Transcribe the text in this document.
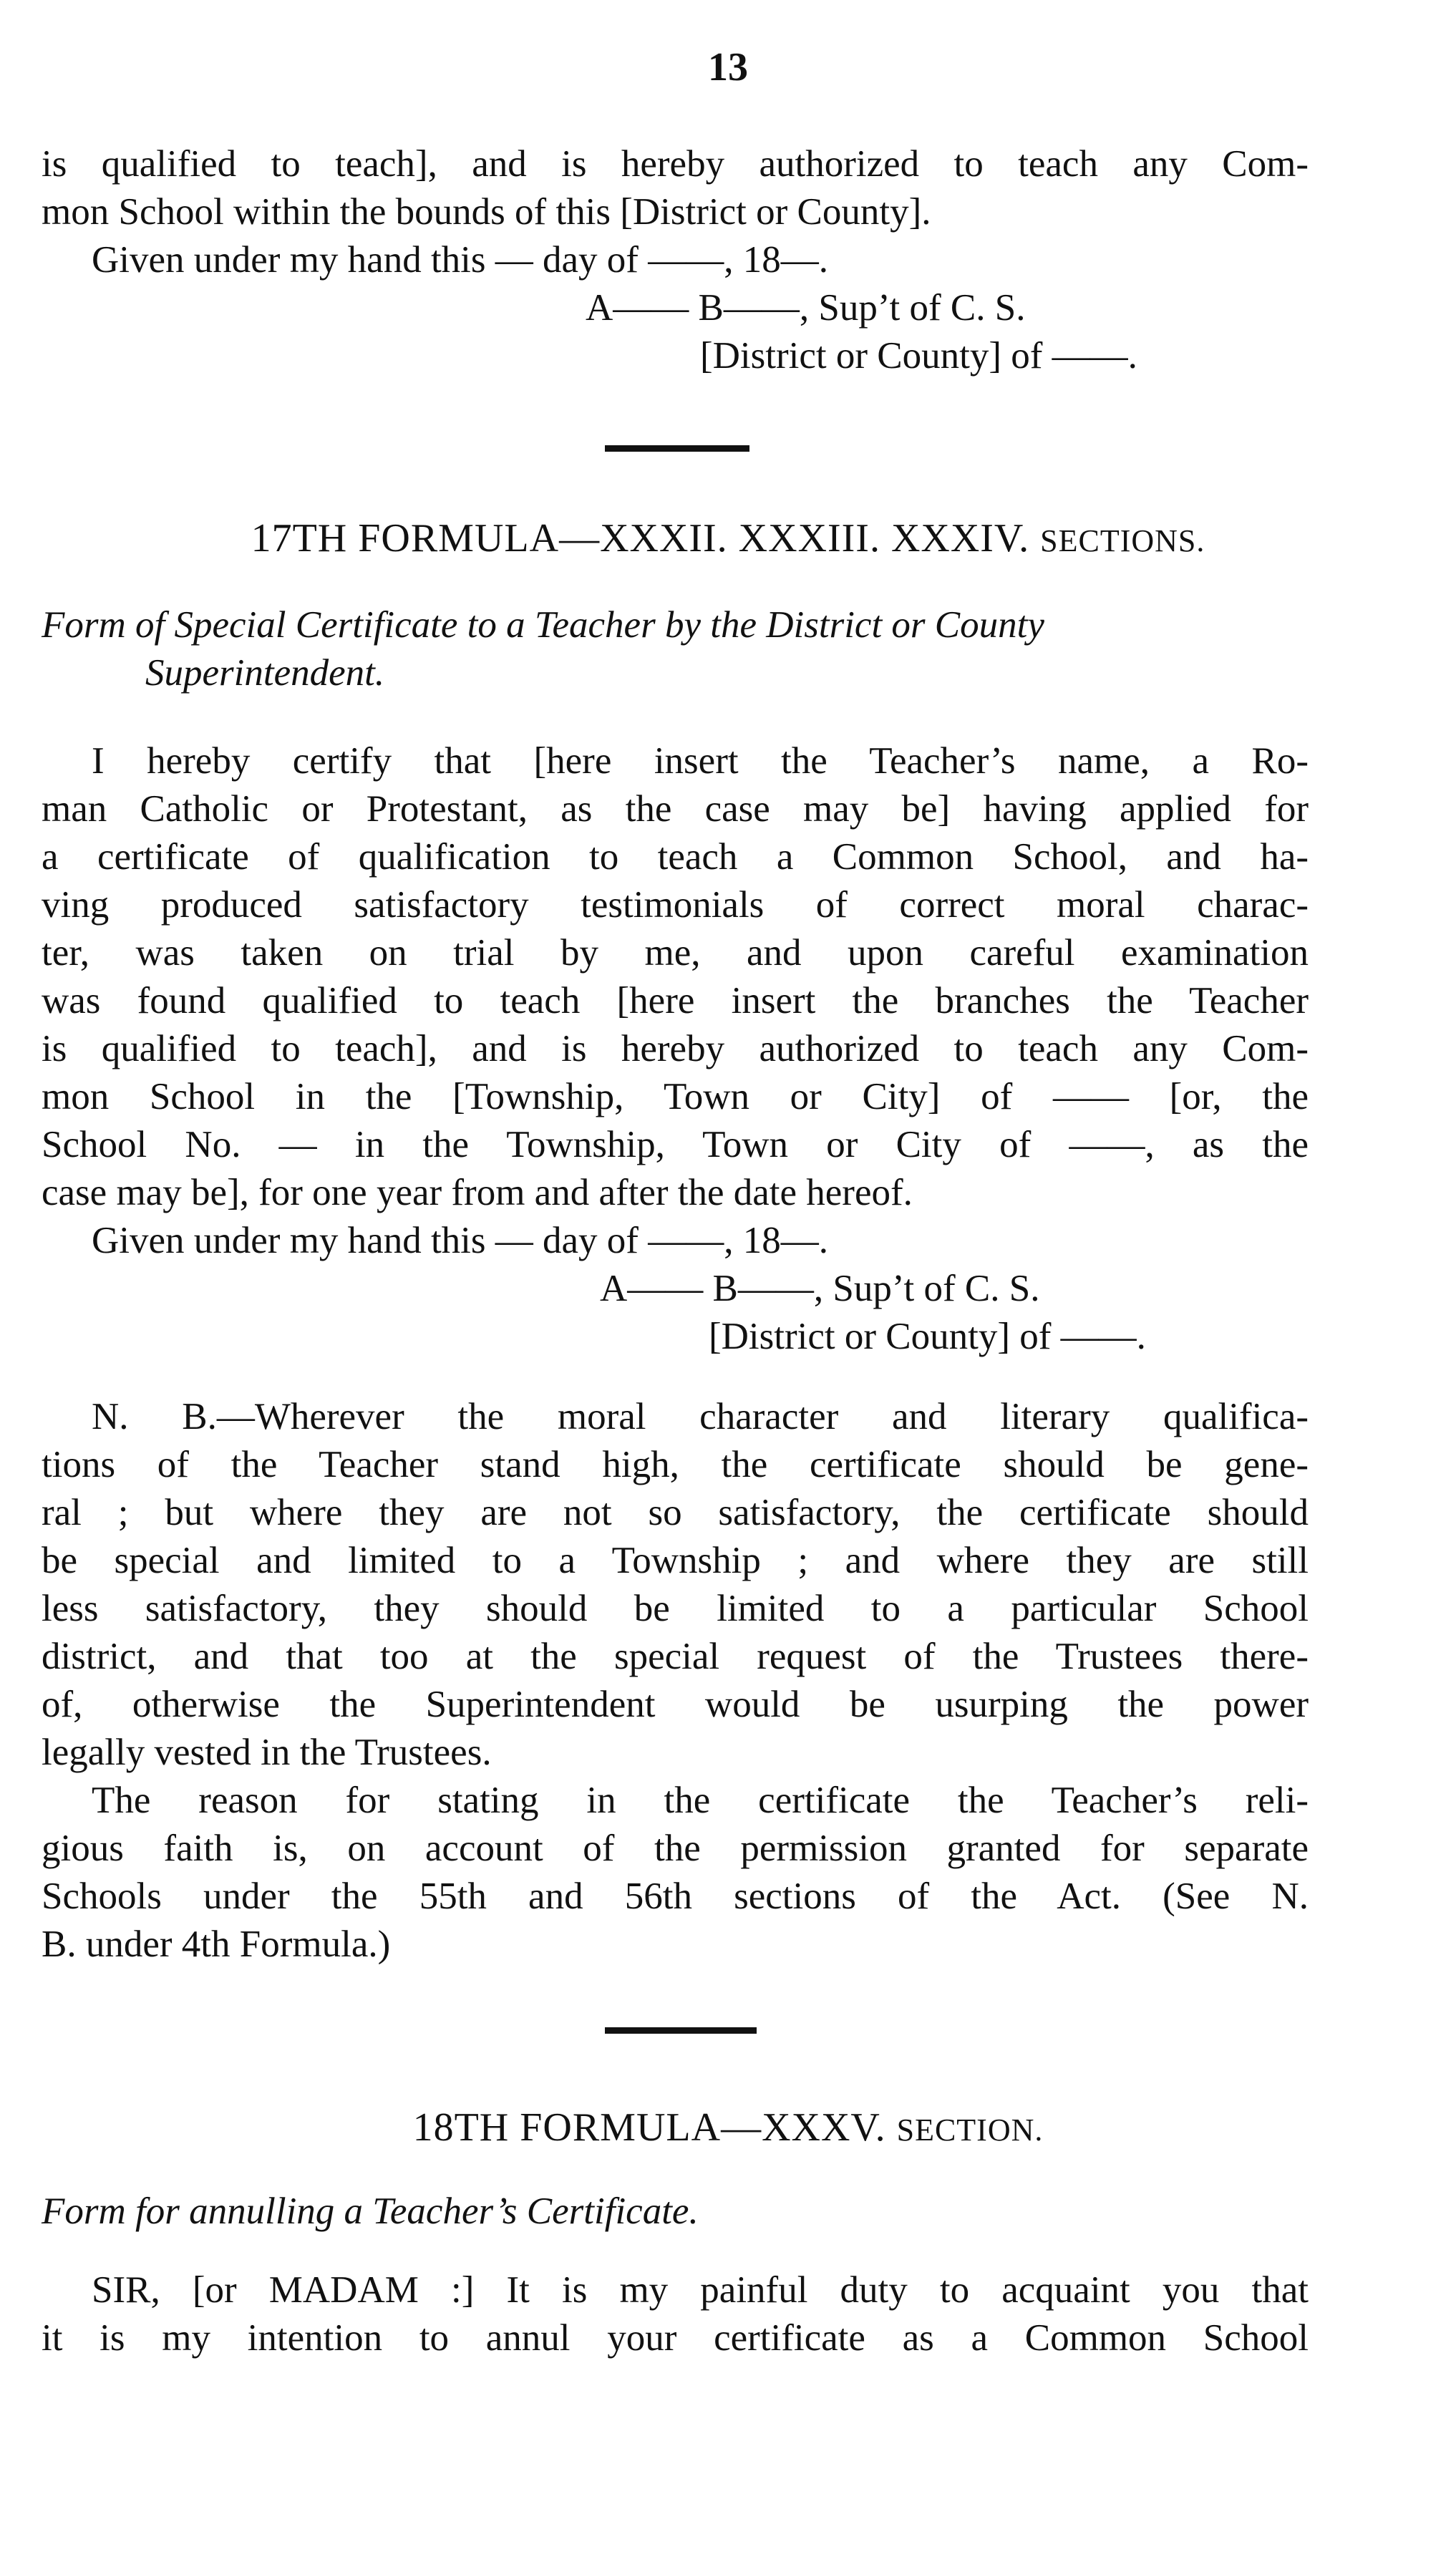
13
is qualified to teach], and is hereby authorized to teach any Com-
mon School within the bounds of this [District or County].
Given under my hand this — day of ——, 18—.
A—— B——, Sup’t of C. S.
[District or County] of ——.
17TH FORMULA—XXXII. XXXIII. XXXIV. SECTIONS.
Form of Special Certificate to a Teacher by the District or County
Superintendent.
I hereby certify that [here insert the Teacher’s name, a Ro-
man Catholic or Protestant, as the case may be] having applied for
a certificate of qualification to teach a Common School, and ha-
ving produced satisfactory testimonials of correct moral charac-
ter, was taken on trial by me, and upon careful examination
was found qualified to teach [here insert the branches the Teacher
is qualified to teach], and is hereby authorized to teach any Com-
mon School in the [Township, Town or City] of —— [or, the
School No. — in the Township, Town or City of ——, as the
case may be], for one year from and after the date hereof.
Given under my hand this — day of ——, 18—.
A—— B——, Sup’t of C. S.
[District or County] of ——.
N. B.—Wherever the moral character and literary qualifica-
tions of the Teacher stand high, the certificate should be gene-
ral ; but where they are not so satisfactory, the certificate should
be special and limited to a Township ; and where they are still
less satisfactory, they should be limited to a particular School
district, and that too at the special request of the Trustees there-
of, otherwise the Superintendent would be usurping the power
legally vested in the Trustees.
The reason for stating in the certificate the Teacher’s reli-
gious faith is, on account of the permission granted for separate
Schools under the 55th and 56th sections of the Act. (See N.
B. under 4th Formula.)
18TH FORMULA—XXXV. SECTION.
Form for annulling a Teacher’s Certificate.
SIR, [or MADAM :] It is my painful duty to acquaint you that
it is my intention to annul your certificate as a Common School
